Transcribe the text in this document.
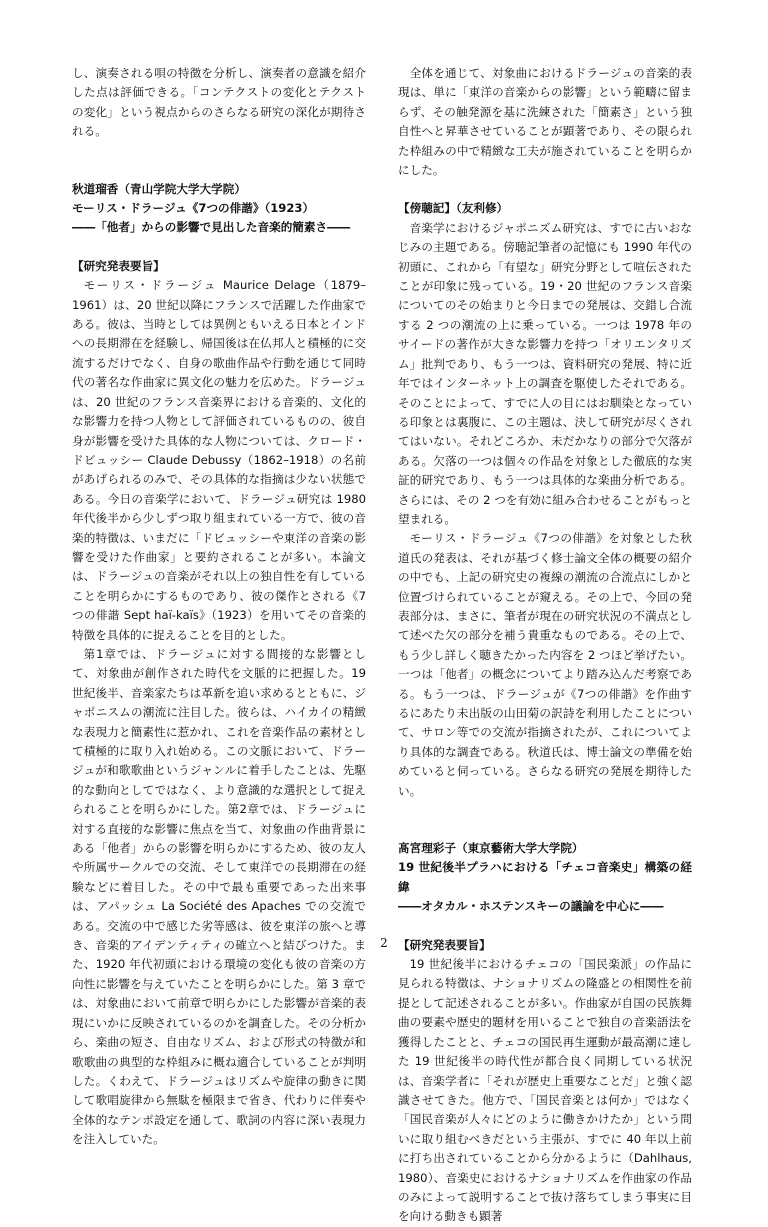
し、演奏される唄の特徴を分析し、演奏者の意識を紹介した点は評価できる。「コンテクストの変化とテクストの変化」という視点からのさらなる研究の深化が期待される。

秋道瑠香（青山学院大学大学院）

モーリス・ドラージュ《7つの俳諧》（1923）

――「他者」からの影響で見出した音楽的簡素さ――

【研究発表要旨】

モーリス・ドラージュ Maurice Delage（1879–1961）は、20 世紀以降にフランスで活躍した作曲家である。彼は、当時としては異例ともいえる日本とインドへの長期滞在を経験し、帰国後は在仏邦人と積極的に交流するだけでなく、自身の歌曲作品や行動を通じて同時代の著名な作曲家に異文化の魅力を広めた。ドラージュは、20 世紀のフランス音楽界における音楽的、文化的な影響力を持つ人物として評価されているものの、彼自身が影響を受けた具体的な人物については、クロード・ドビュッシー Claude Debussy（1862–1918）の名前があげられるのみで、その具体的な指摘は少ない状態である。今日の音楽学において、ドラージュ研究は 1980 年代後半から少しずつ取り組まれている一方で、彼の音楽的特徴は、いまだに「ドビュッシーや東洋の音楽の影響を受けた作曲家」と要約されることが多い。本論文は、ドラージュの音楽がそれ以上の独自性を有していることを明らかにするものであり、彼の傑作とされる《7つの俳諧 Sept haï-kaïs》（1923）を用いてその音楽的特徴を具体的に捉えることを目的とした。

第1章では、ドラージュに対する間接的な影響として、対象曲が創作された時代を文脈的に把握した。19 世紀後半、音楽家たちは革新を追い求めるとともに、ジャポニスムの潮流に注目した。彼らは、ハイカイの精緻な表現力と簡素性に惹かれ、これを音楽作品の素材として積極的に取り入れ始める。この文脈において、ドラージュが和歌歌曲というジャンルに着手したことは、先駆的な動向としてではなく、より意識的な選択として捉えられることを明らかにした。第2章では、ドラージュに対する直接的な影響に焦点を当て、対象曲の作曲背景にある「他者」からの影響を明らかにするため、彼の友人や所属サークルでの交流、そして東洋での長期滞在の経験などに着目した。その中で最も重要であった出来事は、アパッシュ La Société des Apaches での交流である。交流の中で感じた劣等感は、彼を東洋の旅へと導き、音楽的アイデンティティの確立へと結びつけた。また、1920 年代初頭における環境の変化も彼の音楽の方向性に影響を与えていたことを明らかにした。第 3 章では、対象曲において前章で明らかにした影響が音楽的表現にいかに反映されているのかを調査した。その分析から、楽曲の短さ、自由なリズム、および形式の特徴が和歌歌曲の典型的な枠組みに概ね適合していることが判明した。くわえて、ドラージュはリズムや旋律の動きに関して歌唱旋律から無駄を極限まで省き、代わりに伴奏や全体的なテンポ設定を通して、歌詞の内容に深い表現力を注入していた。

全体を通じて、対象曲におけるドラージュの音楽的表現は、単に「東洋の音楽からの影響」という範疇に留まらず、その触発源を基に洗練された「簡素さ」という独自性へと昇華させていることが顕著であり、その限られた枠組みの中で精緻な工夫が施されていることを明らかにした。

【傍聴記】（友利修）

音楽学におけるジャポニズム研究は、すでに古いおなじみの主題である。傍聴記筆者の記憶にも 1990 年代の初頭に、これから「有望な」研究分野として喧伝されたことが印象に残っている。19・20 世紀のフランス音楽についてのその始まりと今日までの発展は、交錯し合流する 2 つの潮流の上に乗っている。一つは 1978 年のサイードの著作が大きな影響力を持つ「オリエンタリズム」批判であり、もう一つは、資料研究の発展、特に近年ではインターネット上の調査を駆使したそれである。そのことによって、すでに人の目にはお馴染となっている印象とは裏腹に、この主題は、決して研究が尽くされてはいない。それどころか、未だかなりの部分で欠落がある。欠落の一つは個々の作品を対象とした徹底的な実証的研究であり、もう一つは具体的な楽曲分析である。さらには、その 2 つを有効に組み合わせることがもっと望まれる。

モーリス・ドラージュ《7つの俳諧》を対象とした秋道氏の発表は、それが基づく修士論文全体の概要の紹介の中でも、上記の研究史の複線の潮流の合流点にしかと位置づけられていることが窺える。その上で、今回の発表部分は、まさに、筆者が現在の研究状況の不満点として述べた欠の部分を補う貴重なものである。その上で、もう少し詳しく聴きたかった内容を 2 つほど挙げたい。一つは「他者」の概念についてより踏み込んだ考察である。もう一つは、ドラージュが《7つの俳諧》を作曲するにあたり未出版の山田菊の訳詩を利用したことについて、サロン等での交流が指摘されたが、これについてより具体的な調査である。秋道氏は、博士論文の準備を始めていると伺っている。さらなる研究の発展を期待したい。

髙宮理彩子（東京藝術大学大学院）

19 世紀後半プラハにおける「チェコ音楽史」構築の経緯

――オタカル・ホステンスキーの議論を中心に――

【研究発表要旨】

19 世紀後半におけるチェコの「国民楽派」の作品に見られる特徴は、ナショナリズムの隆盛との相関性を前提として記述されることが多い。作曲家が自国の民族舞曲の要素や歴史的題材を用いることで独自の音楽語法を獲得したことと、チェコの国民再生運動が最高潮に達した 19 世紀後半の時代性が都合良く同期している状況は、音楽学者に「それが歴史上重要なことだ」と強く認識させてきた。他方で、「国民音楽とは何か」ではなく「国民音楽が人々にどのように働きかけたか」という問いに取り組むべきだという主張が、すでに 40 年以上前に打ち出されていることから分かるように（Dahlhaus, 1980）、音楽史におけるナショナリズムを作曲家の作品のみによって説明することで抜け落ちてしまう事実に目を向ける動きも顕著

2
